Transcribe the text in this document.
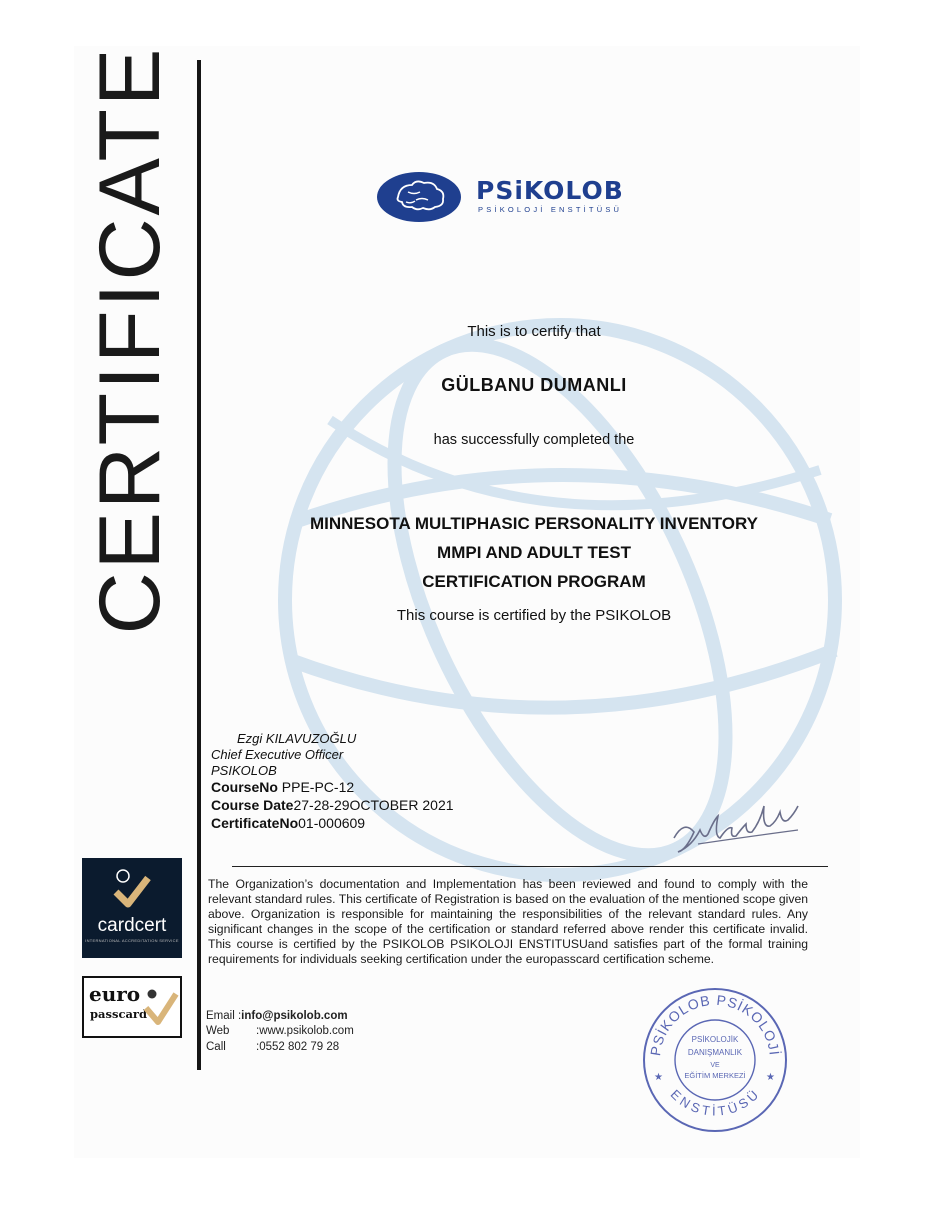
CERTIFICATE	PSiKOLOB
PSİKOLOJİ ENSTİTÜSÜ
This is to certify that
GÜLBANU DUMANLI
has successfully completed the
MINNESOTA MULTIPHASIC PERSONALITY INVENTORY
MMPI AND ADULT TEST
CERTIFICATION PROGRAM
This course is certified by the PSIKOLOB
Ezgi KILAVUZOĞLU
Chief Executive Officer
PSIKOLOB
CourseNo PPE-PC-12
Course Date27-28-29OCTOBER 2021
CertificateNo01-000609
The Organization’s documentation and Implementation has been reviewed and found to comply with the relevant standard rules. This certificate of Registration is based on the evaluation of the mentioned scope given above. Organization is responsible for maintaining the responsibilities of the relevant standard rules. Any significant changes in the scope of the certification or standard referred above render this certificate invalid. This course is certified by the PSIKOLOB PSIKOLOJI ENSTITUSUand satisfies part of the formal training requirements for individuals seeking certification under the europasscard certification scheme.
Email :info@psikolob.com
Web :www.psikolob.com
Call	:0552 802 79 28
cardcert
INTERNATIONAL ACCREDITATION SERVICE
euro
passcard
PSİKOLOB PSİKOLOJİ
ENSTİTÜSÜ
★	★
PSİKOLOJİK
DANIŞMANLIK
VE
EĞİTİM MERKEZİ
